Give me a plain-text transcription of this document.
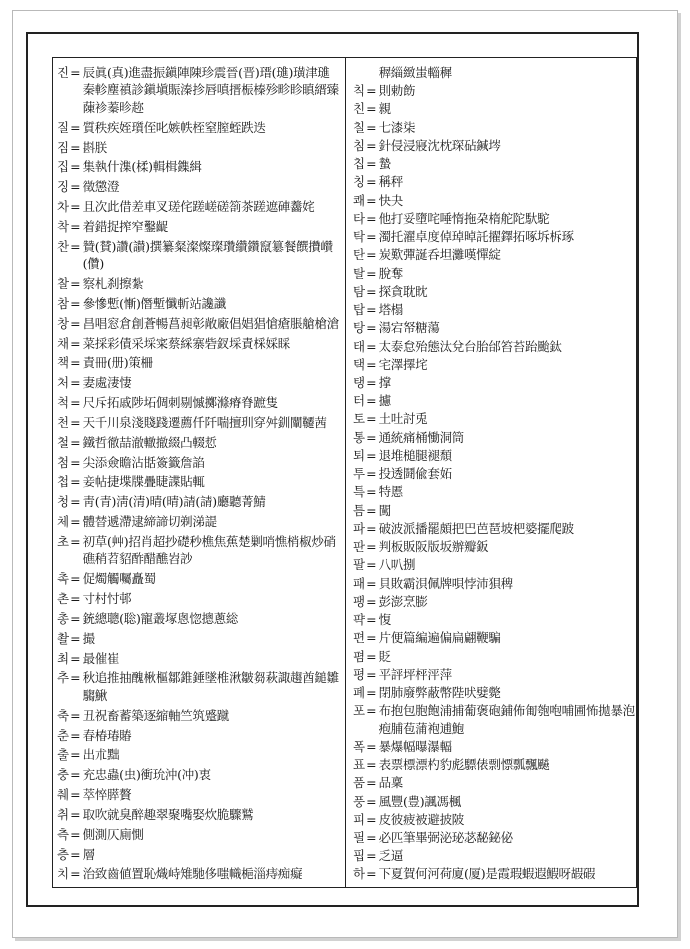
진 = 辰眞(真)進盡振鎭陣陳珍震晉(晋)瑨(璡)璜津璡秦軫塵禛診鎭塡賑溱抮唇嗔搢桭榛殄畛眕瞋縉臻蔯袗蓁昣趂
질 = 質秩疾姪瓆侄叱嫉帙桎窒膣蛭跌迭
짐 = 斟朕
집 = 集執什潗(楺)輯楫鏶緝
징 = 徵懲澄
차 = 且次此借差車叉瑳侘蹉嵯磋箚茶蹉遮硨齹姹
착 = 着錯捉搾窄鑿齪
찬 = 贊(賛)讚(讃)撰纂粲澯燦璨瓚纘鑽竄簒餐饌攢巑(儹)
찰 = 察札刹擦紮
참 = 參慘慙(慚)僭塹懺斬站讒讖
창 = 昌唱窓倉創蒼暢菖昶彰敞廠倡娼猖愴瘡脹艙槍滄
채 = 菜採彩債采埰寀蔡綵寨砦釵埰責棌婇睬
책 = 責冊(册)策柵
처 = 妻處淒悽
척 = 尺斥拓戚陟坧倜刺剔慽擲滌瘠脊蹠隻
천 = 天千川泉淺賤踐遷薦仟阡喘擅玔穿舛釧闡韆茜
철 = 鐵哲徹喆澈轍撤綴凸輟悊
첨 = 尖添僉瞻沾甛簽籤詹諂
첩 = 妾帖捷堞牒疊睫諜貼輒
청 = 靑(青)淸(清)晴(晴)請(請)廳聽菁鯖
체 = 體替遞滯逮締諦切剃涕諟
초 = 初草(艸)招肖超抄礎秒樵焦蕉楚剿哨憔梢椒炒硝礁稍苕貂酢醋醮岧訬
촉 = 促燭觸囑矗蜀
촌 = 寸村忖邨
총 = 銃總聰(聡)寵叢塚悤惚摠蔥総
촬 = 撮
최 = 最催崔
추 = 秋追推抽醜楸樞鄒錐錘墜椎湫皺芻萩諏趨酋鎚雛騶鰍
축 = 丑祝畜蓄築逐縮軸竺筑蹙蹴
춘 = 春椿瑃賰
출 = 出朮黜
충 = 充忠蟲(虫)衝玧沖(冲)衷
췌 = 萃悴膵贅
취 = 取吹就臭醉趣翠聚嘴娶炊脆驟鷲
측 = 側測仄廁惻
층 = 層
치 = 治致齒値置恥熾峙雉馳侈嗤幟梔淄痔痴癡
稺緇緻蚩輜穉
칙 = 則勅飭
친 = 親
칠 = 七漆柒
침 = 針侵浸寢沈枕琛砧鍼埁
칩 = 蟄
칭 = 稱秤
쾌 = 快夬
타 = 他打妥墮咤唾惰拖朶楕舵陀馱駝
탁 = 濁托濯卓度倬琸晫託擢鐸拓啄坼柝琢
탄 = 炭歎彈誕呑坦灘嘆憚綻
탈 = 脫奪
탐 = 探貪耽眈
탑 = 塔榻
탕 = 湯宕帑糖蕩
태 = 太泰怠殆態汰兌台胎邰笞苔跆颱鈦
택 = 宅澤擇垞
탱 = 撑
터 = 攄
토 = 土吐討兎
통 = 通統痛桶慟洞筒
퇴 = 退堆槌腿褪頹
투 = 投透鬪偸套妬
특 = 特慝
틈 = 闖
파 = 破波派播罷頗把巴芭琶坡杷婆擺爬跛
판 = 判板販阪版坂辦瓣鈑
팔 = 八叭捌
패 = 貝敗霸浿佩牌唄悖沛狽稗
팽 = 彭澎烹膨
퍅 = 愎
편 = 片便篇編遍偏扁翩鞭騙
폄 = 貶
평 = 平評坪枰泙萍
폐 = 閉肺廢弊蔽幣陛吠嬖斃
포 = 布抱包胞飽浦捕葡褒砲鋪佈匍匏咆哺圃怖拋暴泡疱脯苞蒲袍逋鮑
폭 = 暴爆幅曝瀑輻
표 = 表票標漂杓豹彪驃俵剽慓瓢飄飇
품 = 品稟
풍 = 風豐(豊)諷馮楓
피 = 皮彼疲被避披陂
필 = 必匹筆畢弼泌珌苾馝鉍佖
핍 = 乏逼
하 = 下夏賀何河荷廈(厦)是霞瑕蝦遐鰕呀嘏碬
